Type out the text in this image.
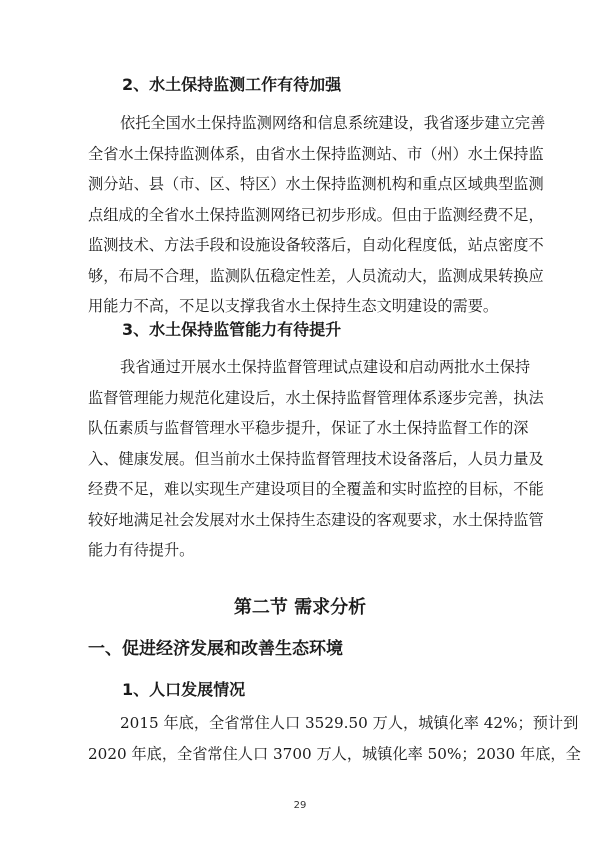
2、水土保持监测工作有待加强
依托全国水土保持监测网络和信息系统建设，我省逐步建立完善
全省水土保持监测体系，由省水土保持监测站、市（州）水土保持监
测分站、县（市、区、特区）水土保持监测机构和重点区域典型监测
点组成的全省水土保持监测网络已初步形成。但由于监测经费不足，
监测技术、方法手段和设施设备较落后，自动化程度低，站点密度不
够，布局不合理，监测队伍稳定性差，人员流动大，监测成果转换应
用能力不高，不足以支撑我省水土保持生态文明建设的需要。
3、水土保持监管能力有待提升
我省通过开展水土保持监督管理试点建设和启动两批水土保持
监督管理能力规范化建设后，水土保持监督管理体系逐步完善，执法
队伍素质与监督管理水平稳步提升，保证了水土保持监督工作的深
入、健康发展。但当前水土保持监督管理技术设备落后，人员力量及
经费不足，难以实现生产建设项目的全覆盖和实时监控的目标，不能
较好地满足社会发展对水土保持生态建设的客观要求，水土保持监管
能力有待提升。
第二节 需求分析
一、促进经济发展和改善生态环境
1、人口发展情况
2015 年底，全省常住人口 3529.50 万人，城镇化率 42%；预计到
2020 年底，全省常住人口 3700 万人，城镇化率 50%；2030 年底，全
29
